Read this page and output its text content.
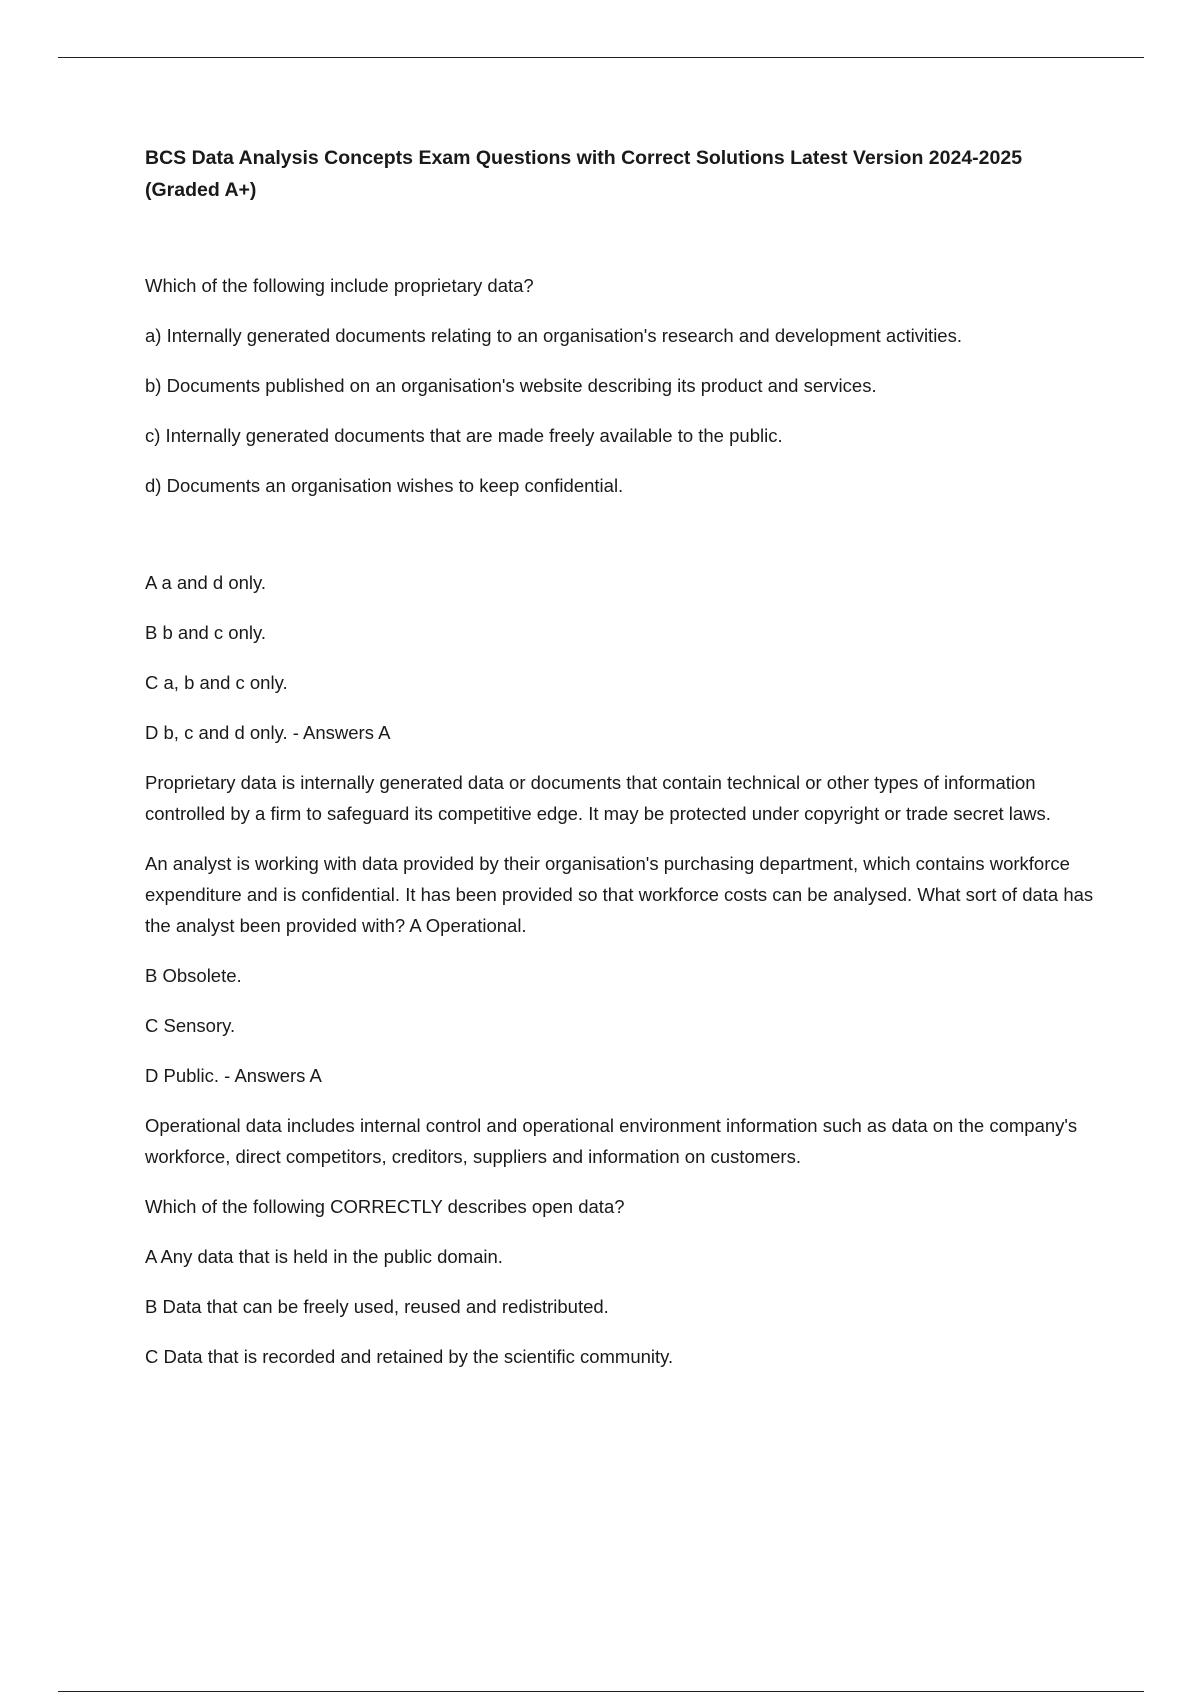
BCS Data Analysis Concepts Exam Questions with Correct Solutions Latest Version 2024-2025 (Graded A+)

Which of the following include proprietary data?

a) Internally generated documents relating to an organisation's research and development activities.

b) Documents published on an organisation's website describing its product and services.

c) Internally generated documents that are made freely available to the public.

d) Documents an organisation wishes to keep confidential.

A a and d only.

B b and c only.

C a, b and c only.

D b, c and d only. - Answers A

Proprietary data is internally generated data or documents that contain technical or other types of information controlled by a firm to safeguard its competitive edge. It may be protected under copyright or trade secret laws.

An analyst is working with data provided by their organisation's purchasing department, which contains workforce expenditure and is confidential. It has been provided so that workforce costs can be analysed. What sort of data has the analyst been provided with? A Operational.

B Obsolete.

C Sensory.

D Public. - Answers A

Operational data includes internal control and operational environment information such as data on the company's workforce, direct competitors, creditors, suppliers and information on customers.

Which of the following CORRECTLY describes open data?

A Any data that is held in the public domain.

B Data that can be freely used, reused and redistributed.

C Data that is recorded and retained by the scientific community.
